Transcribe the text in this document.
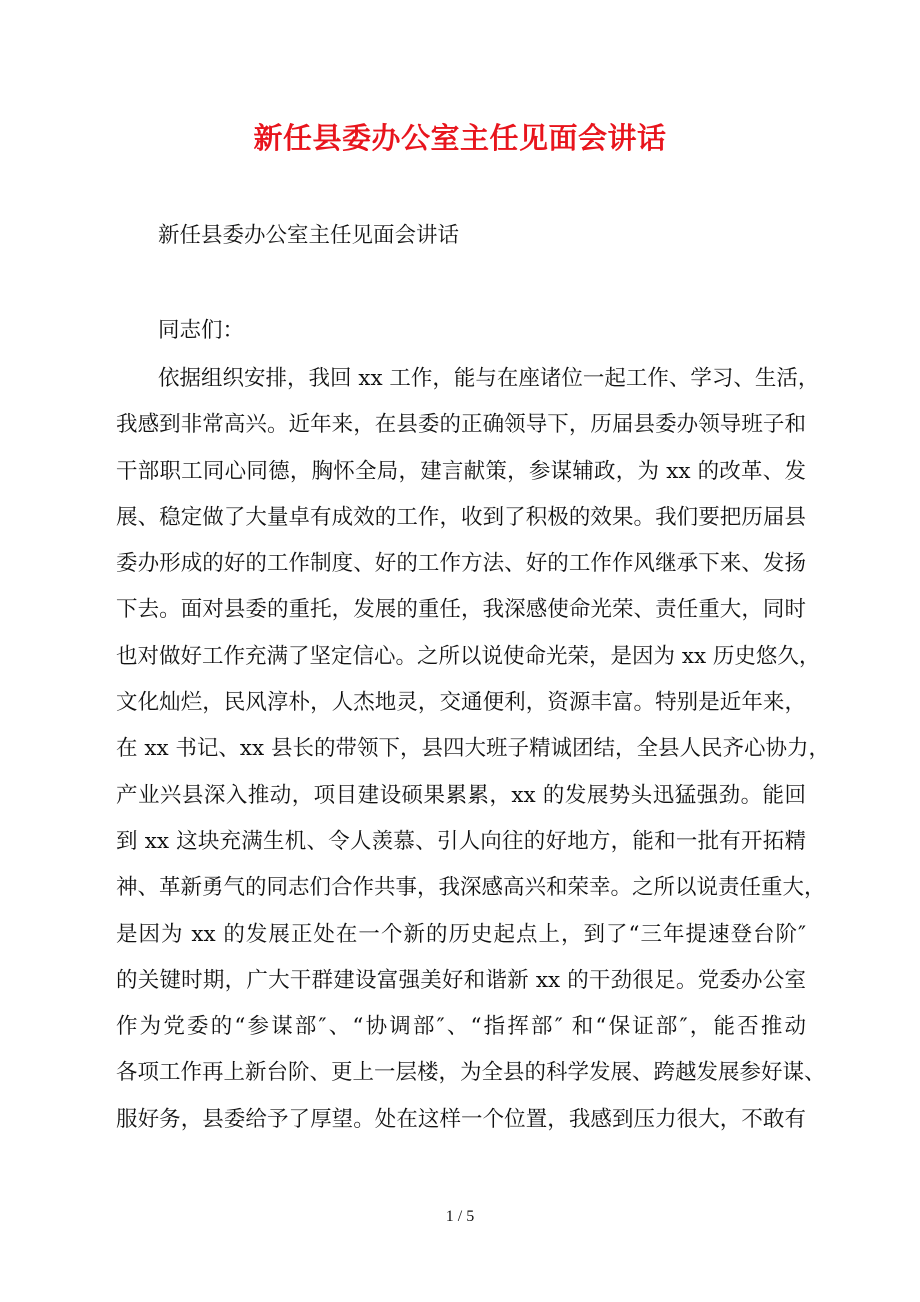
新任县委办公室主任见面会讲话

新任县委办公室主任见面会讲话

同志们：

依据组织安排，我回 xx 工作，能与在座诸位一起工作、学习、生活，
我感到非常高兴。近年来，在县委的正确领导下，历届县委办领导班子和
干部职工同心同德，胸怀全局，建言献策，参谋辅政，为 xx 的改革、发
展、稳定做了大量卓有成效的工作，收到了积极的效果。我们要把历届县
委办形成的好的工作制度、好的工作方法、好的工作作风继承下来、发扬
下去。面对县委的重托，发展的重任，我深感使命光荣、责任重大，同时
也对做好工作充满了坚定信心。之所以说使命光荣，是因为 xx 历史悠久，
文化灿烂，民风淳朴，人杰地灵，交通便利，资源丰富。特别是近年来，
在 xx 书记、xx 县长的带领下，县四大班子精诚团结，全县人民齐心协力，
产业兴县深入推动，项目建设硕果累累，xx 的发展势头迅猛强劲。能回
到 xx 这块充满生机、令人羡慕、引人向往的好地方，能和一批有开拓精
神、革新勇气的同志们合作共事，我深感高兴和荣幸。之所以说责任重大，
是因为 xx 的发展正处在一个新的历史起点上，到了“三年提速登台阶″
的关键时期，广大干群建设富强美好和谐新 xx 的干劲很足。党委办公室
作为党委的“参谋部″、“协调部″、“指挥部″ 和“保证部″，能否推动
各项工作再上新台阶、更上一层楼，为全县的科学发展、跨越发展参好谋、
服好务，县委给予了厚望。处在这样一个位置，我感到压力很大，不敢有
1 / 5
